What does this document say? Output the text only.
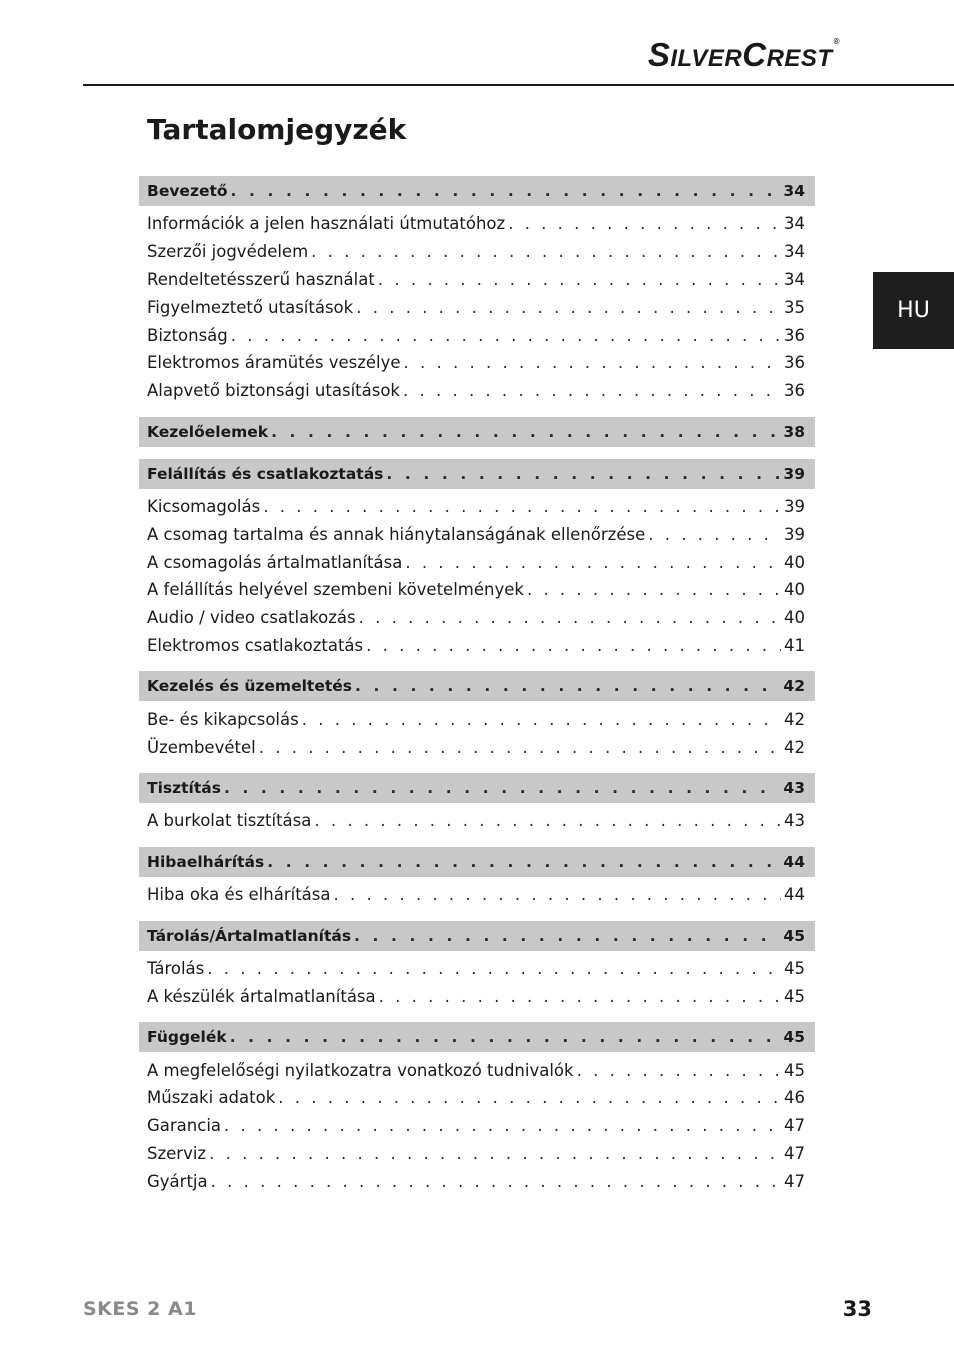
SILVERCREST®
Tartalomjegyzék
Bevezető . . .	34
Információk a jelen használati útmutatóhoz . . .	34
Szerzői jogvédelem . . .	34
Rendeltetésszerű használat . . .	34
Figyelmeztető utasítások . . .	35
Biztonság . . .	36
Elektromos áramütés veszélye . . .	36
Alapvető biztonsági utasítások . . .	36
Kezelőelemek . . .	38
Felállítás és csatlakoztatás . . .	39
Kicsomagolás . . .	39
A csomag tartalma és annak hiánytalanságának ellenőrzése . . .	39
A csomagolás ártalmatlanítása . . .	40
A felállítás helyével szembeni követelmények . . .	40
Audio / video csatlakozás . . .	40
Elektromos csatlakoztatás . . .	41
Kezelés és üzemeltetés . . .	42
Be- és kikapcsolás . . .	42
Üzembevétel . . .	42
Tisztítás . . .	43
A burkolat tisztítása . . .	43
Hibaelhárítás . . .	44
Hiba oka és elhárítása . . .	44
Tárolás/Ártalmatlanítás . . .	45
Tárolás . . .	45
A készülék ártalmatlanítása . . .	45
Függelék . . .	45
A megfelelőségi nyilatkozatra vonatkozó tudnivalók . . .	45
Műszaki adatok . . .	46
Garancia . . .	47
Szerviz . . .	47
Gyártja . . .	47
HU
SKES 2 A1	33
